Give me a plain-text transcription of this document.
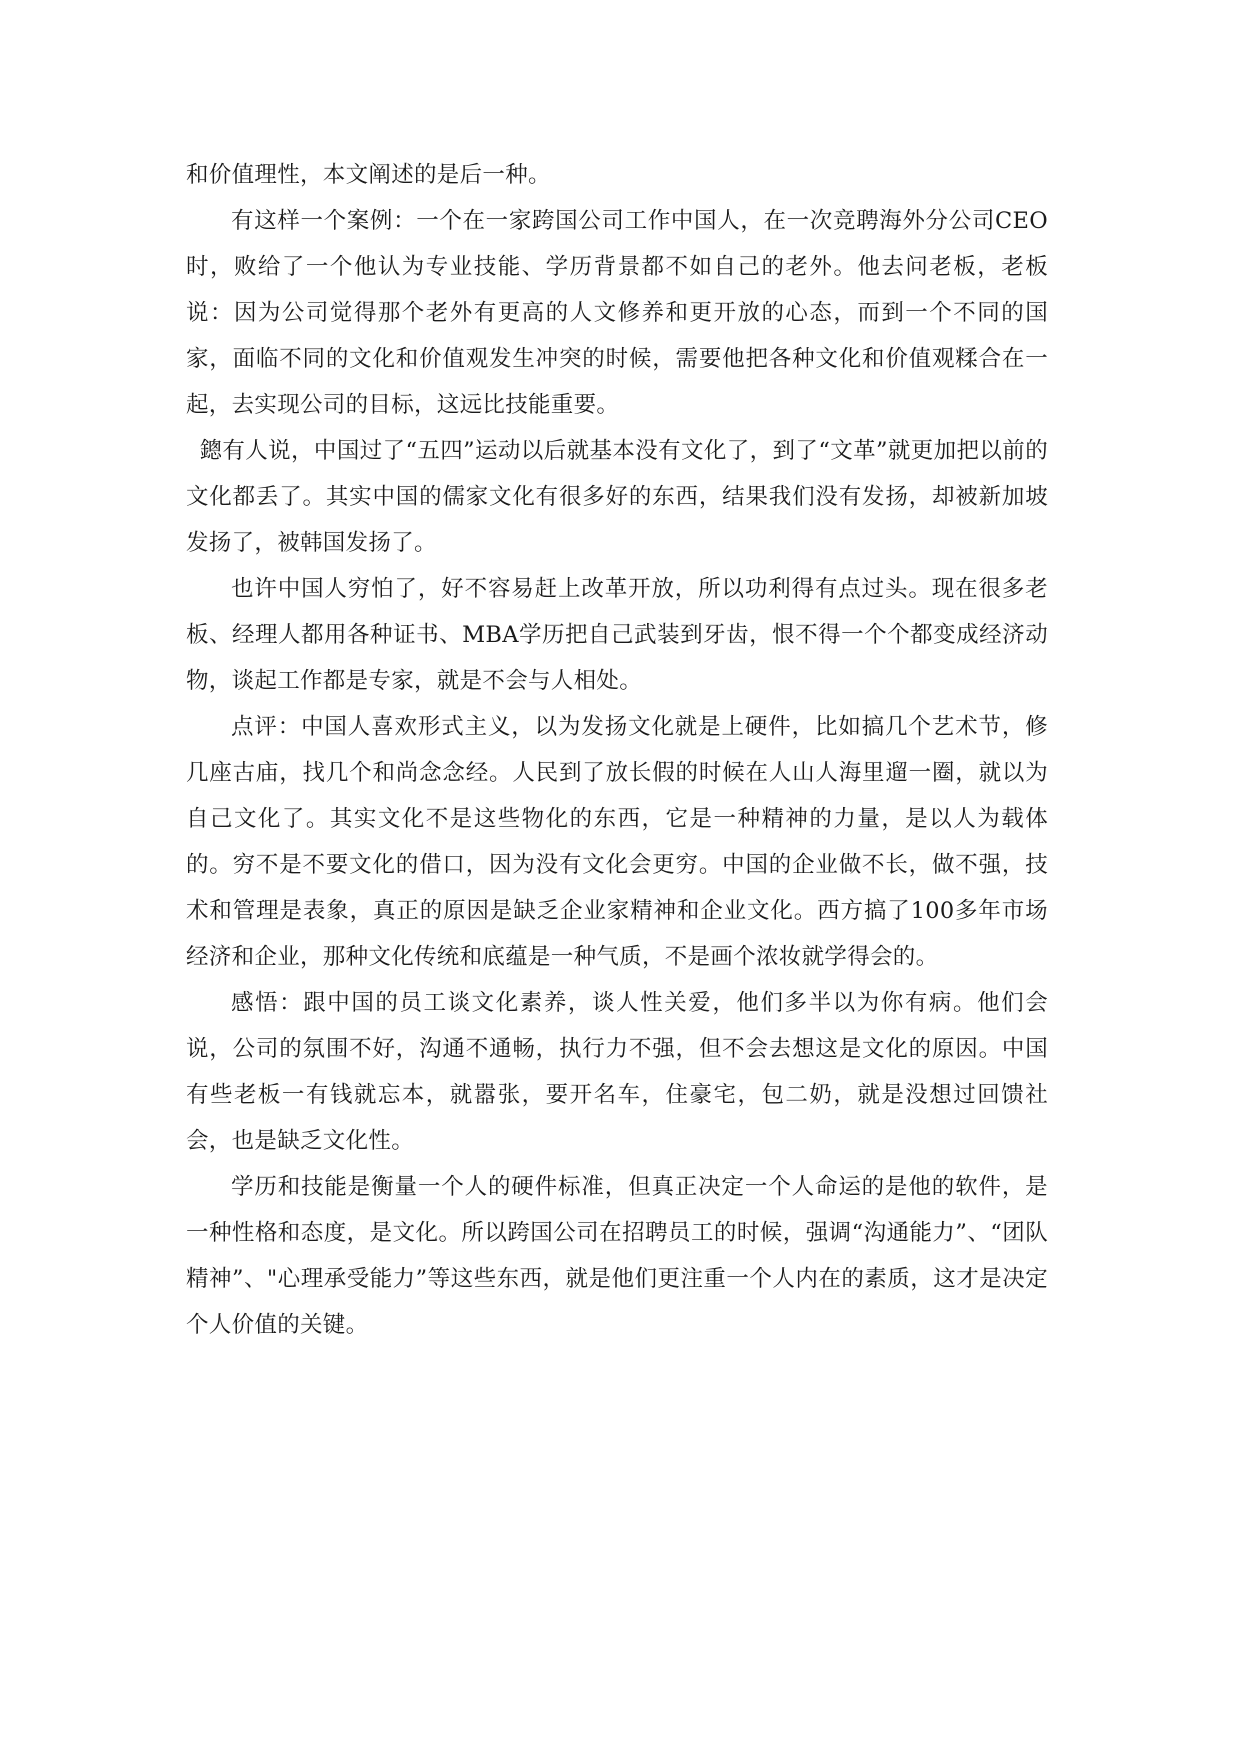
和价值理性，本文阐述的是后一种。

有这样一个案例：一个在一家跨国公司工作中国人，在一次竞聘海外分公司CEO时，败给了一个他认为专业技能、学历背景都不如自己的老外。他去问老板，老板说：因为公司觉得那个老外有更高的人文修养和更开放的心态，而到一个不同的国家，面临不同的文化和价值观发生冲突的时候，需要他把各种文化和价值观糅合在一起，去实现公司的目标，这远比技能重要。

鏓有人说，中国过了“五四”运动以后就基本没有文化了，到了“文革”就更加把以前的文化都丢了。其实中国的儒家文化有很多好的东西，结果我们没有发扬，却被新加坡发扬了，被韩国发扬了。

也许中国人穷怕了，好不容易赶上改革开放，所以功利得有点过头。现在很多老板、经理人都用各种证书、MBA学历把自己武装到牙齿，恨不得一个个都变成经济动物，谈起工作都是专家，就是不会与人相处。

点评：中国人喜欢形式主义，以为发扬文化就是上硬件，比如搞几个艺术节，修几座古庙，找几个和尚念念经。人民到了放长假的时候在人山人海里遛一圈，就以为自己文化了。其实文化不是这些物化的东西，它是一种精神的力量，是以人为载体的。穷不是不要文化的借口，因为没有文化会更穷。中国的企业做不长，做不强，技术和管理是表象，真正的原因是缺乏企业家精神和企业文化。西方搞了100多年市场经济和企业，那种文化传统和底蕴是一种气质，不是画个浓妆就学得会的。

感悟：跟中国的员工谈文化素养，谈人性关爱，他们多半以为你有病。他们会说，公司的氛围不好，沟通不通畅，执行力不强，但不会去想这是文化的原因。中国有些老板一有钱就忘本，就嚣张，要开名车，住豪宅，包二奶，就是没想过回馈社会，也是缺乏文化性。

学历和技能是衡量一个人的硬件标准，但真正决定一个人命运的是他的软件，是一种性格和态度，是文化。所以跨国公司在招聘员工的时候，强调“沟通能力”、“团队精神”、"心理承受能力”等这些东西，就是他们更注重一个人内在的素质，这才是决定个人价值的关键。
